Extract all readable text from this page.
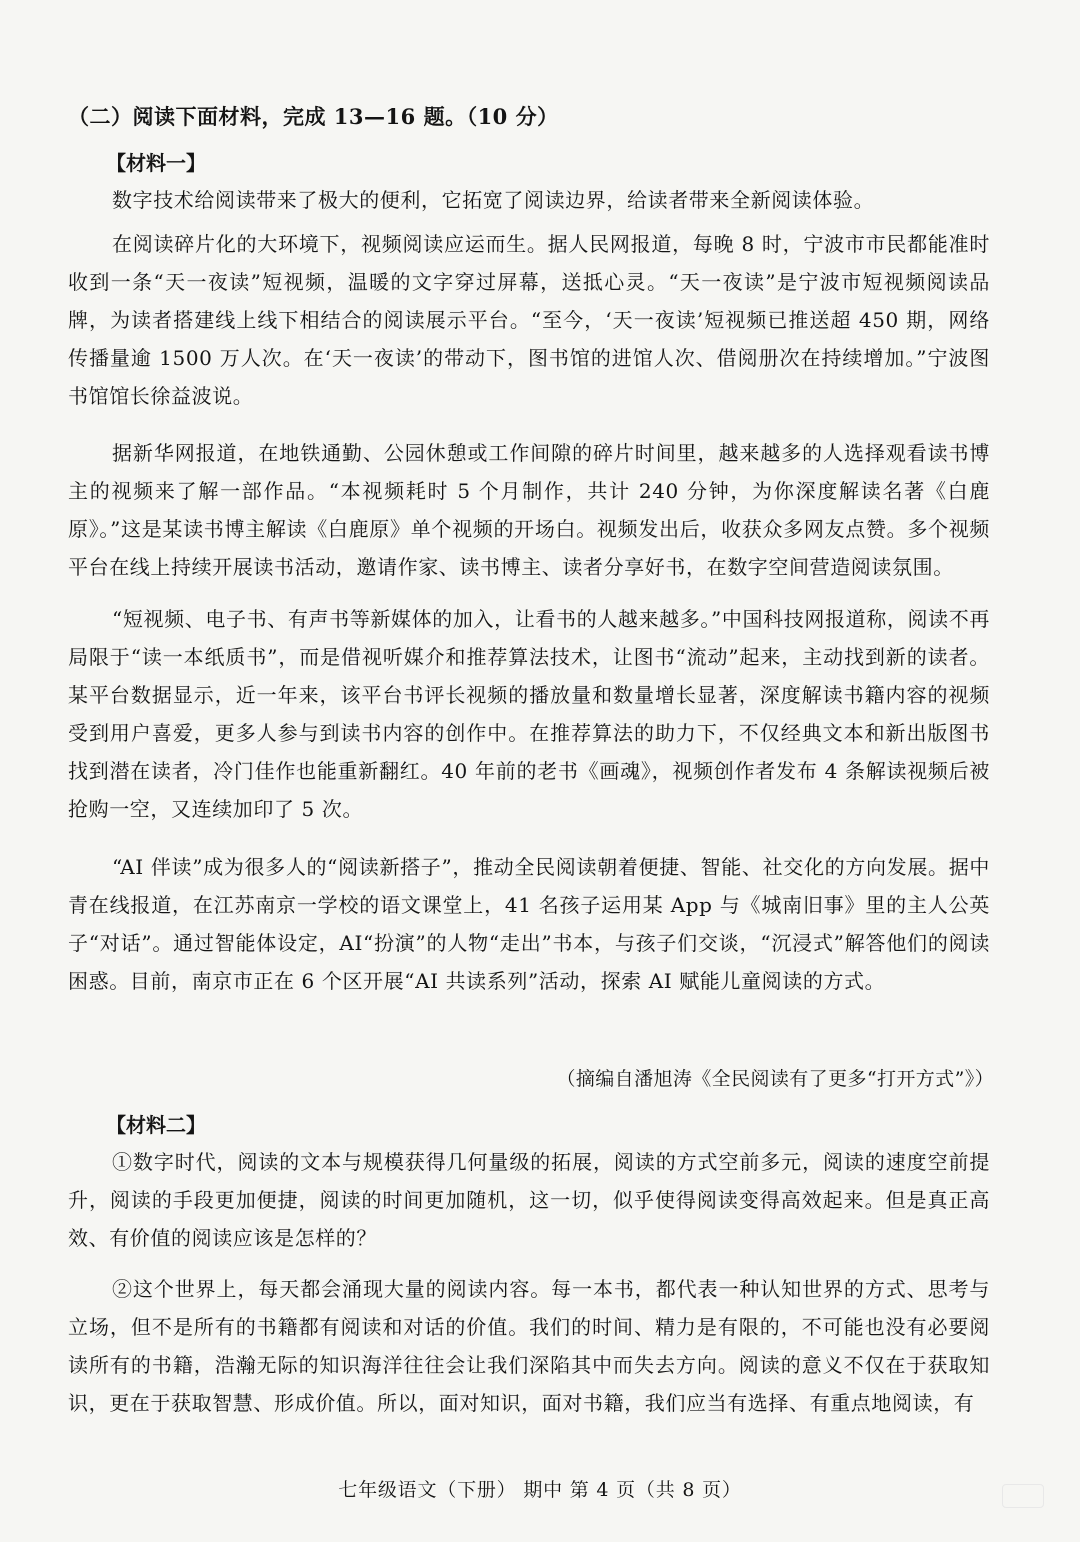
（二）阅读下面材料，完成 13—16 题。（10 分）
【材料一】

数字技术给阅读带来了极大的便利，它拓宽了阅读边界，给读者带来全新阅读体验。

在阅读碎片化的大环境下，视频阅读应运而生。据人民网报道，每晚 8 时，宁波市市民都能准时收到一条“天一夜读”短视频，温暖的文字穿过屏幕，送抵心灵。“天一夜读”是宁波市短视频阅读品牌，为读者搭建线上线下相结合的阅读展示平台。“至今，‘天一夜读’短视频已推送超 450 期，网络传播量逾 1500 万人次。在‘天一夜读’的带动下，图书馆的进馆人次、借阅册次在持续增加。”宁波图书馆馆长徐益波说。

据新华网报道，在地铁通勤、公园休憩或工作间隙的碎片时间里，越来越多的人选择观看读书博主的视频来了解一部作品。“本视频耗时 5 个月制作，共计 240 分钟，为你深度解读名著《白鹿原》。”这是某读书博主解读《白鹿原》单个视频的开场白。视频发出后，收获众多网友点赞。多个视频平台在线上持续开展读书活动，邀请作家、读书博主、读者分享好书，在数字空间营造阅读氛围。

“短视频、电子书、有声书等新媒体的加入，让看书的人越来越多。”中国科技网报道称，阅读不再局限于“读一本纸质书”，而是借视听媒介和推荐算法技术，让图书“流动”起来，主动找到新的读者。某平台数据显示，近一年来，该平台书评长视频的播放量和数量增长显著，深度解读书籍内容的视频受到用户喜爱，更多人参与到读书内容的创作中。在推荐算法的助力下，不仅经典文本和新出版图书找到潜在读者，冷门佳作也能重新翻红。40 年前的老书《画魂》，视频创作者发布 4 条解读视频后被抢购一空，又连续加印了 5 次。

“AI 伴读”成为很多人的“阅读新搭子”，推动全民阅读朝着便捷、智能、社交化的方向发展。据中青在线报道，在江苏南京一学校的语文课堂上，41 名孩子运用某 App 与《城南旧事》里的主人公英子“对话”。通过智能体设定，AI“扮演”的人物“走出”书本，与孩子们交谈，“沉浸式”解答他们的阅读困惑。目前，南京市正在 6 个区开展“AI 共读系列”活动，探索 AI 赋能儿童阅读的方式。

（摘编自潘旭涛《全民阅读有了更多“打开方式”》）
【材料二】

①数字时代，阅读的文本与规模获得几何量级的拓展，阅读的方式空前多元，阅读的速度空前提升，阅读的手段更加便捷，阅读的时间更加随机，这一切，似乎使得阅读变得高效起来。但是真正高效、有价值的阅读应该是怎样的？

②这个世界上，每天都会涌现大量的阅读内容。每一本书，都代表一种认知世界的方式、思考与立场，但不是所有的书籍都有阅读和对话的价值。我们的时间、精力是有限的，不可能也没有必要阅读所有的书籍，浩瀚无际的知识海洋往往会让我们深陷其中而失去方向。阅读的意义不仅在于获取知识，更在于获取智慧、形成价值。所以，面对知识，面对书籍，我们应当有选择、有重点地阅读，有

七年级语文（下册） 期中 第 4 页（共 8 页）
